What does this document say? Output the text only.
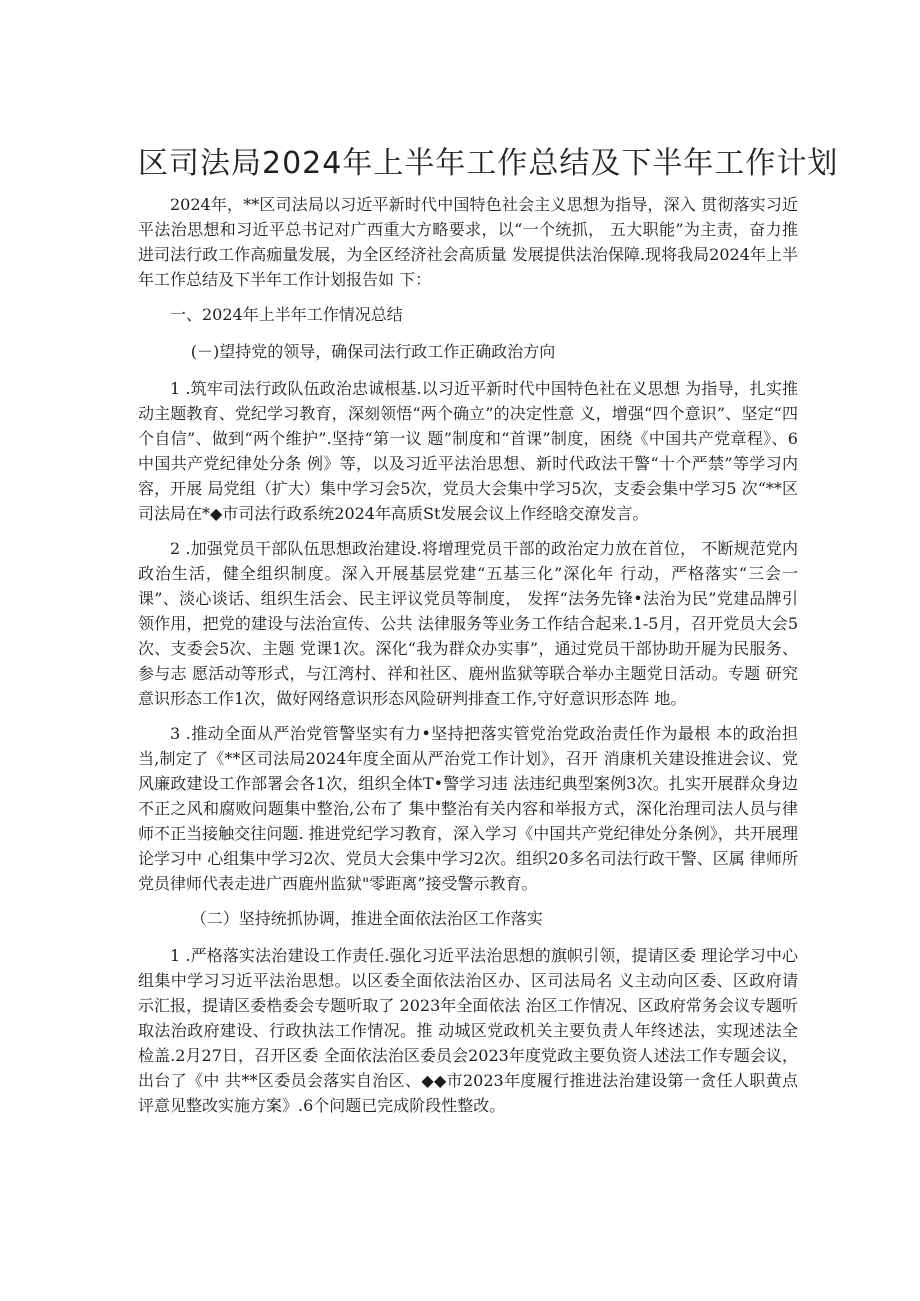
区司法局2024年上半年工作总结及下半年工作计划

2024年，**区司法局以习近平新时代中国特色社会主义思想为指导，深入 贯彻落实习近平法治思想和习近平总书记对广西重大方略要求，以“一个统抓， 五大职能”为主责，奋力推进司法行政工作高痂量发展，为全区经济社会高质量 发展提供法治保障.现将我局2024年上半年工作总结及下半年工作计划报告如 下：

一、2024年上半年工作情况总结

(－)望持党的领导，确保司法行政工作正确政治方向

1 .筑牢司法行政队伍政治忠诚根基.以习近平新时代中国特色社在义思想 为指导，扎实推动主题教育、党纪学习教育，深刻领悟“两个确立”的决定性意 义，增强“四个意识”、坚定“四个自信”、做到“两个维护”.坚持“第一议 题”制度和“首课”制度，困绕《中国共产党章程》、6中国共产党纪律处分条 例》等，以及习近平法治思想、新时代政法干警“十个严禁”等学习内容，开展 局党组（扩大）集中学习会5次，党员大会集中学习5次，支委会集中学习5 次“**区司法局在*◆市司法行政系统2024年高质St发展会议上作经晗交潦发言。

2 .加强党员干部队伍思想政治建设.将增理党员干部的政治定力放在首位， 不断规范党内政治生活，健全组织制度。深入开展基层党建“五基三化”深化年 行动，严格落实“三会一课”、淡心谈话、组织生活会、民主评议党员等制度， 发挥“法务先锋•法治为民”党建品牌引领作用，把党的建设与法治宣传、公共 法律服务等业务工作结合起来.1-5月，召开党员大会5次、支委会5次、主题 党课1次。深化“我为群众办实事”，通过党员干部协助开屣为民服务、参与志 愿活动等形式，与江湾村、祥和社区、鹿州监狱等联合举办主题党日活动。专题 研究意识形态工作1次，做好网络意识形态风险研判排查工作,守好意识形态阵 地。

3 .推动全面从严治党管警坚实有力•坚持把落实管党治党政治责任作为最根 本的政治担当,制定了《**区司法局2024年度全面从严治党工作计划》，召开 消康机关建设推进会议、党风廉政建设工作部署会各1次，组织全体T•警学习违 法违纪典型案例3次。扎实开展群众身边不正之风和腐败问题集中整治,公布了 集中整治有关内容和举报方式，深化治理司法人员与律师不正当接触交往问题. 推进党纪学习教育，深入学习《中国共产党纪律处分条例》，共开展理论学习中 心组集中学习2次、党员大会集中学习2次。组织20多名司法行政干警、区属 律师所党员律师代表走进广西鹿州监狱"零距离”接受警示教育。

（二）坚持统抓协调，推进全面依法治区工作落实

1 .严格落实法治建设工作责任.强化习近平法治思想的旗帜引领，提请区委 理论学习中心组集中学习习近平法治思想。以区委全面依法治区办、区司法局名 义主动向区委、区政府请示汇报，提请区委梏委会专题听取了 2023年全面依法 治区工作情况、区政府常务会议专题听取法治政府建设、行政执法工作情况。推 动城区党政机关主要负责人年终述法，实现述法全检盖.2月27日，召开区委 全面依法治区委员会2023年度党政主要负资人述法工作专题会议，出台了《中 共**区委员会落实自治区、◆◆市2023年度履行推进法治建设第一贪任人职黄点 评意见整改实施方案》.6个问题已完成阶段性整改。
